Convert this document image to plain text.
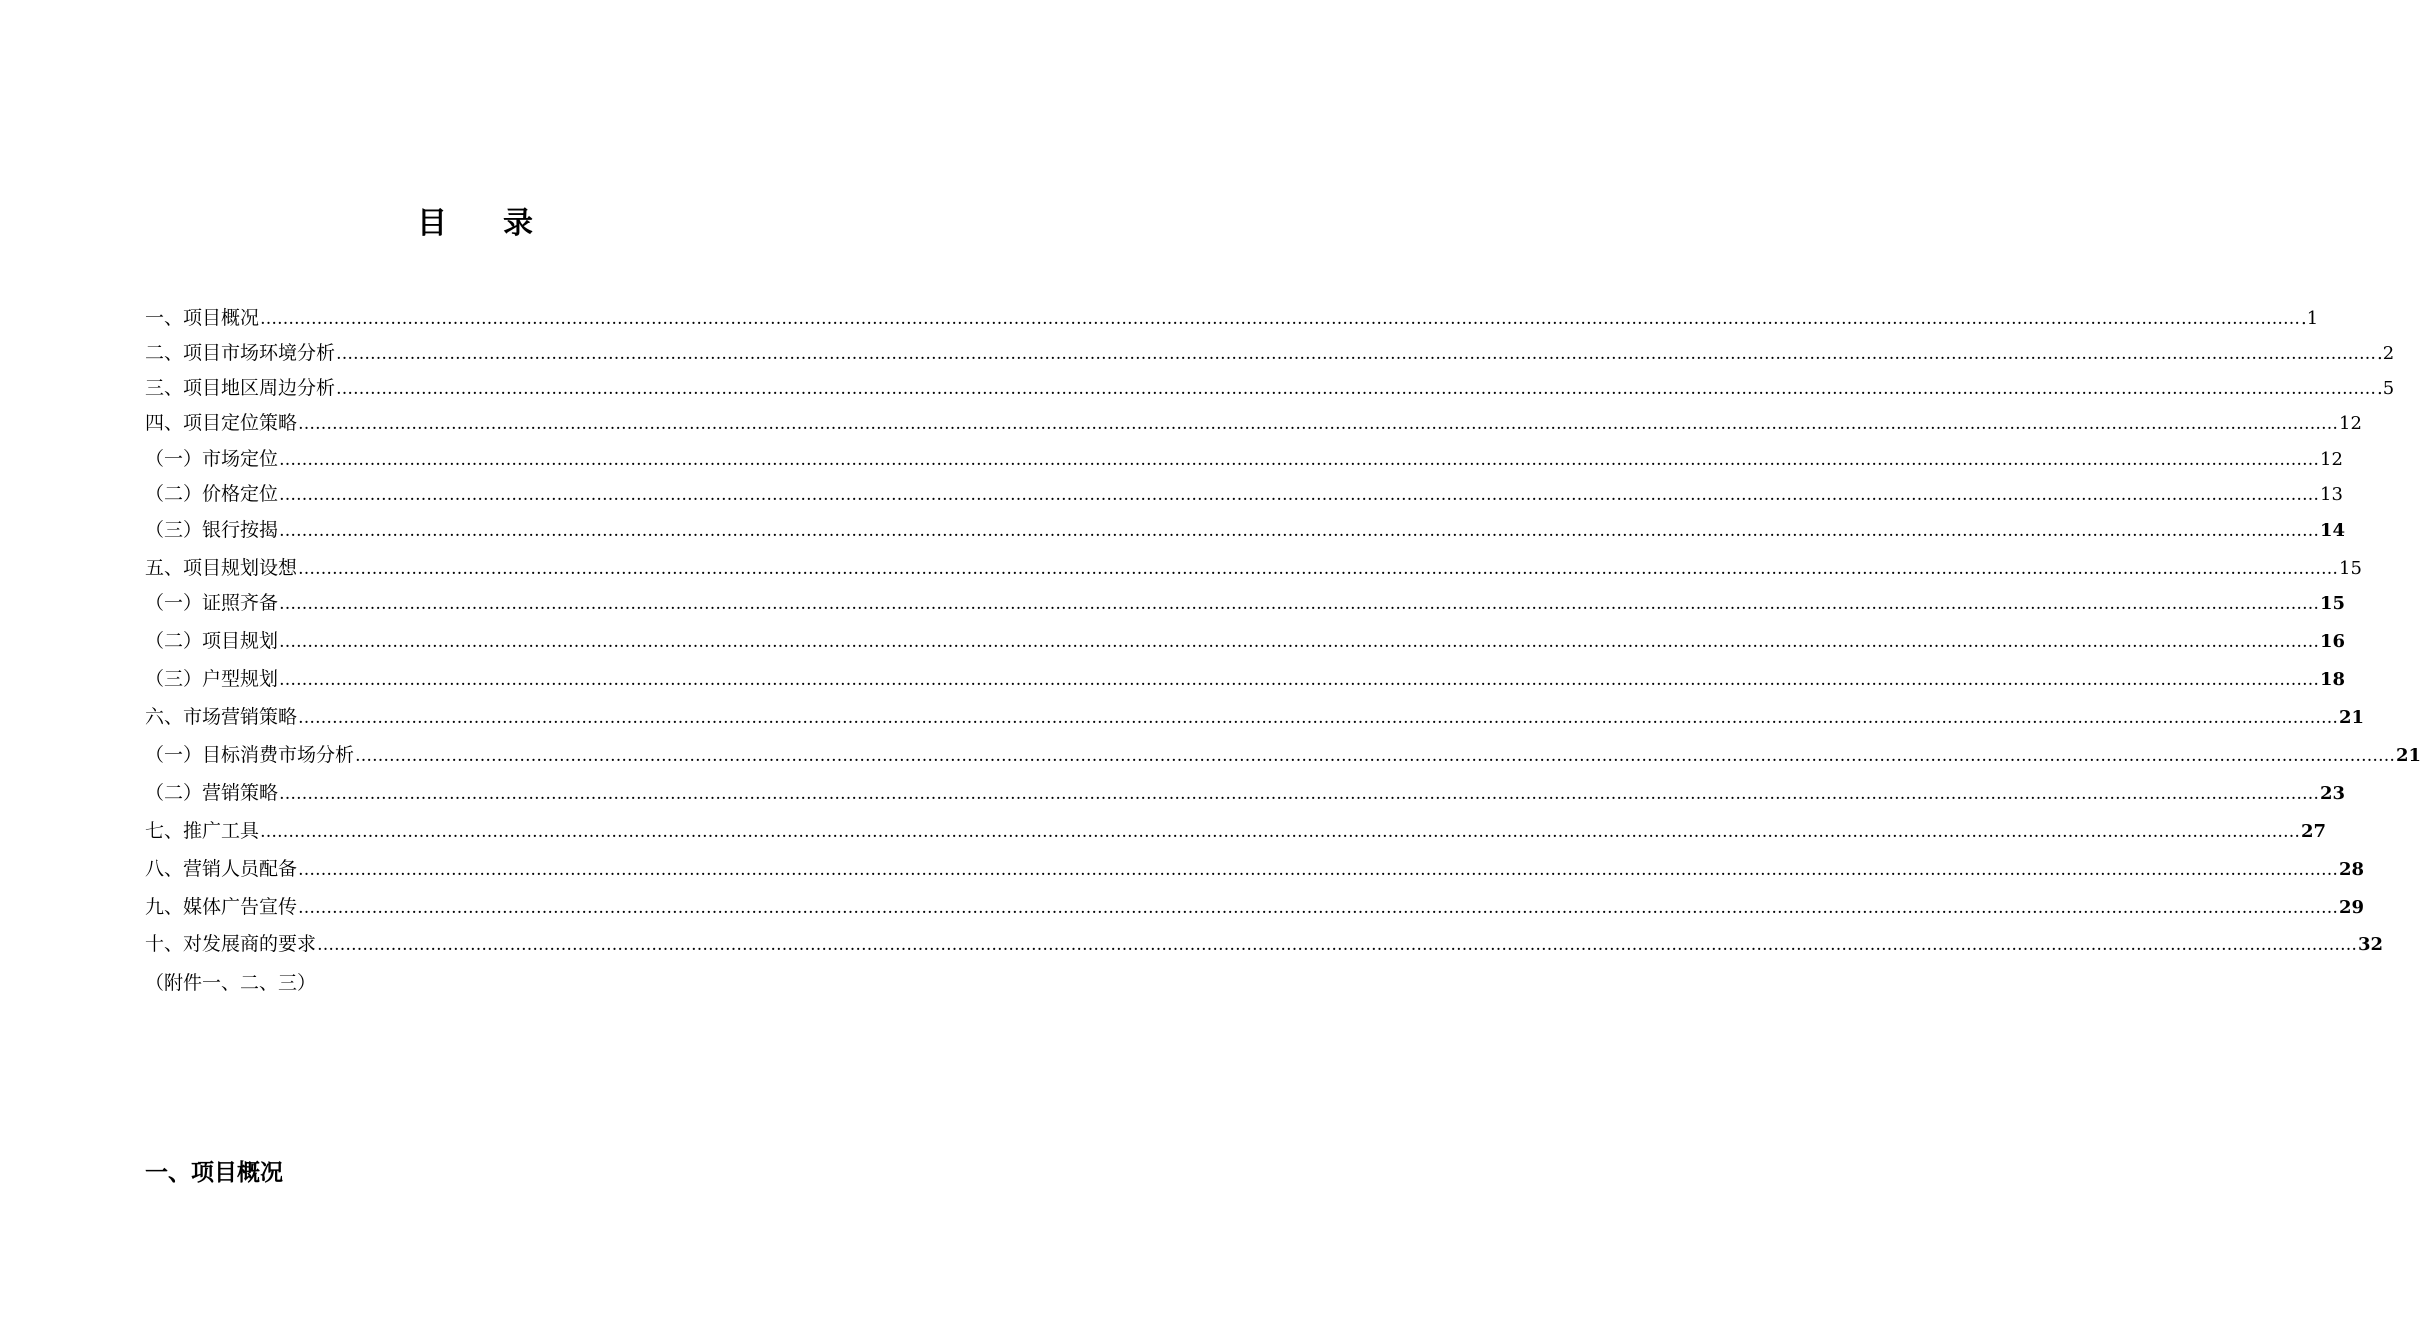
目录
一、项目概况 ……………………………………………………………………………………………………………………………………………………………………………………………………………………………………………………………………………………………………………………………… .1
二、项目市场环境分析 ……………………………………………………………………………………………………………………………………………………………………………………………………………………………………………………………………………………………………………………………… .2
三、项目地区周边分析 ……………………………………………………………………………………………………………………………………………………………………………………………………………………………………………………………………………………………………………………………… .5
四、项目定位策略 ……………………………………………………………………………………………………………………………………………………………………………………………………………………………………………………………………………………………………………………………… 12
（一）市场定位 ……………………………………………………………………………………………………………………………………………………………………………………………………………………………………………………………………………………………………………………………… 12
（二）价格定位 ……………………………………………………………………………………………………………………………………………………………………………………………………………………………………………………………………………………………………………………………… 13
（三）银行按揭 ……………………………………………………………………………………………………………………………………………………………………………………………………………………………………………………………………………………………………………………………… 14
五、项目规划设想 ……………………………………………………………………………………………………………………………………………………………………………………………………………………………………………………………………………………………………………………………… 15
（一）证照齐备 ……………………………………………………………………………………………………………………………………………………………………………………………………………………………………………………………………………………………………………………………… 15
（二）项目规划 ……………………………………………………………………………………………………………………………………………………………………………………………………………………………………………………………………………………………………………………………… 16
（三）户型规划 ……………………………………………………………………………………………………………………………………………………………………………………………………………………………………………………………………………………………………………………………… 18
六、市场营销策略 ……………………………………………………………………………………………………………………………………………………………………………………………………………………………………………………………………………………………………………………………… 21
（一）目标消费市场分析 ……………………………………………………………………………………………………………………………………………………………………………………………………………………………………………………………………………………………………………………………… 21
（二）营销策略 ……………………………………………………………………………………………………………………………………………………………………………………………………………………………………………………………………………………………………………………………… 23
七、推广工具 ……………………………………………………………………………………………………………………………………………………………………………………………………………………………………………………………………………………………………………………………… 27
八、营销人员配备 ……………………………………………………………………………………………………………………………………………………………………………………………………………………………………………………………………………………………………………………………… 28
九、媒体广告宣传 ……………………………………………………………………………………………………………………………………………………………………………………………………………………………………………………………………………………………………………………………… 29
十、对发展商的要求 ……………………………………………………………………………………………………………………………………………………………………………………………………………………………………………………………………………………………………………………………… 32
（附件一、二、三）
一、项目概况
